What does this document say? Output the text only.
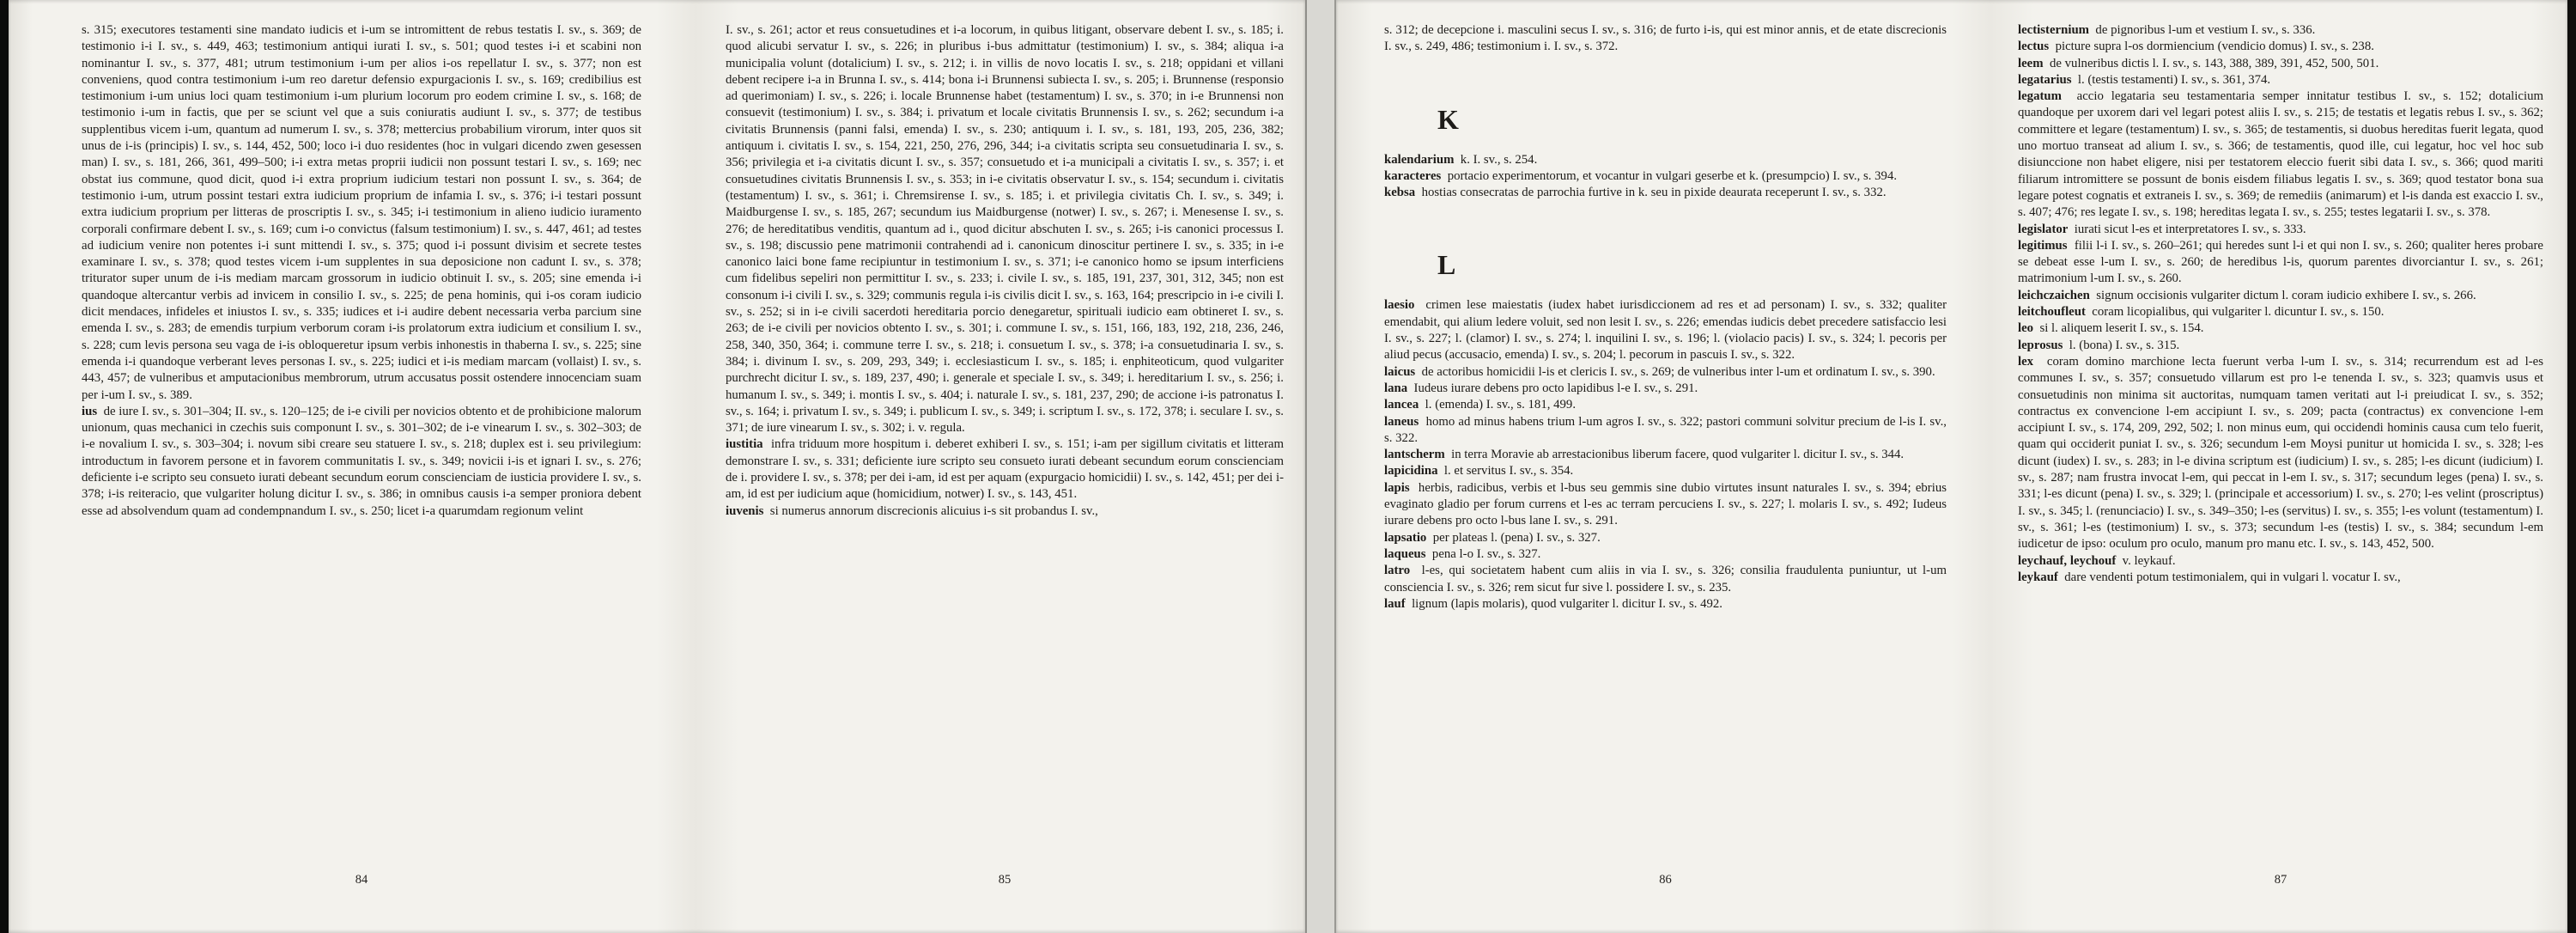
s. 315; executores testamenti sine mandato iudicis et i-um se intromittent de rebus testatis I. sv., s. 369; de testimonio i-i I. sv., s. 449, 463; testimonium antiqui iurati I. sv., s. 501; quod testes i-i et scabini non nominantur I. sv., s. 377, 481; utrum testimonium i-um per alios i-os repellatur I. sv., s. 377; non est conveniens, quod contra testimonium i-um reo daretur defensio expurgacionis I. sv., s. 169; credibilius est testimonium i-um unius loci quam testimonium i-um plurium locorum pro eodem crimine I. sv., s. 168; de testimonio i-um in factis, que per se sciunt vel que a suis coniuratis audiunt I. sv., s. 377; de testibus supplentibus vicem i-um, quantum ad numerum I. sv., s. 378; mettercius probabilium virorum, inter quos sit unus de i-is (principis) I. sv., s. 144, 452, 500; loco i-i duo residentes (hoc in vulgari dicendo zwen gesessen man) I. sv., s. 181, 266, 361, 499–500; i-i extra metas proprii iudicii non possunt testari I. sv., s. 169; nec obstat ius commune, quod dicit, quod i-i extra proprium iudicium testari non possunt I. sv., s. 364; de testimonio i-um, utrum possint testari extra iudicium proprium de infamia I. sv., s. 376; i-i testari possunt extra iudicium proprium per litteras de proscriptis I. sv., s. 345; i-i testimonium in alieno iudicio iuramento corporali confirmare debent I. sv., s. 169; cum i-o convictus (falsum testimonium) I. sv., s. 447, 461; ad testes ad iudicium venire non potentes i-i sunt mittendi I. sv., s. 375; quod i-i possunt divisim et secrete testes examinare I. sv., s. 378; quod testes vicem i-um supplentes in sua deposicione non cadunt I. sv., s. 378; triturator super unum de i-is mediam marcam grossorum in iudicio obtinuit I. sv., s. 205; sine emenda i-i quandoque altercantur verbis ad invicem in consilio I. sv., s. 225; de pena hominis, qui i-os coram iudicio dicit mendaces, infideles et iniustos I. sv., s. 335; iudices et i-i audire debent necessaria verba parcium sine emenda I. sv., s. 283; de emendis turpium verborum coram i-is prolatorum extra iudicium et consilium I. sv., s. 228; cum levis persona seu vaga de i-is obloqueretur ipsum verbis inhonestis in thaberna I. sv., s. 225; sine emenda i-i quandoque verberant leves personas I. sv., s. 225; iudici et i-is mediam marcam (vollaist) I. sv., s. 443, 457; de vulneribus et amputacionibus membrorum, utrum accusatus possit ostendere innocenciam suam per i-um I. sv., s. 389.

ius  de iure I. sv., s. 301–304; II. sv., s. 120–125; de i-e civili per novicios obtento et de prohibicione malorum unionum, quas mechanici in czechis suis componunt I. sv., s. 301–302; de i-e vinearum I. sv., s. 302–303; de i-e novalium I. sv., s. 303–304; i. novum sibi creare seu statuere I. sv., s. 218; duplex est i. seu privilegium: introductum in favorem persone et in favorem communitatis I. sv., s. 349; novicii i-is et ignari I. sv., s. 276; deficiente i-e scripto seu consueto iurati debeant secundum eorum conscienciam de iusticia providere I. sv., s. 378; i-is reiteracio, que vulgariter holung dicitur I. sv., s. 386; in omnibus causis i-a semper proniora debent esse ad absolvendum quam ad condempnandum I. sv., s. 250; licet i-a quarumdam regionum velint

I. sv., s. 261; actor et reus consuetudines et i-a locorum, in quibus litigant, observare debent I. sv., s. 185; i. quod alicubi servatur I. sv., s. 226; in pluribus i-bus admittatur (testimonium) I. sv., s. 384; aliqua i-a municipalia volunt (dotalicium) I. sv., s. 212; i. in villis de novo locatis I. sv., s. 218; oppidani et villani debent recipere i-a in Brunna I. sv., s. 414; bona i-i Brunnensi subiecta I. sv., s. 205; i. Brunnense (responsio ad querimoniam) I. sv., s. 226; i. locale Brunnense habet (testamentum) I. sv., s. 370; in i-e Brunnensi non consuevit (testimonium) I. sv., s. 384; i. privatum et locale civitatis Brunnensis I. sv., s. 262; secundum i-a civitatis Brunnensis (panni falsi, emenda) I. sv., s. 230; antiquum i. I. sv., s. 181, 193, 205, 236, 382; antiquum i. civitatis I. sv., s. 154, 221, 250, 276, 296, 344; i-a civitatis scripta seu consuetudinaria I. sv., s. 356; privilegia et i-a civitatis dicunt I. sv., s. 357; consuetudo et i-a municipali a civitatis I. sv., s. 357; i. et consuetudines civitatis Brunnensis I. sv., s. 353; in i-e civitatis observatur I. sv., s. 154; secundum i. civitatis (testamentum) I. sv., s. 361; i. Chremsirense I. sv., s. 185; i. et privilegia civitatis Ch. I. sv., s. 349; i. Maidburgense I. sv., s. 185, 267; secundum ius Maidburgense (notwer) I. sv., s. 267; i. Menesense I. sv., s. 276; de hereditatibus venditis, quantum ad i., quod dicitur abschuten I. sv., s. 265; i-is canonici processus I. sv., s. 198; discussio pene matrimonii contrahendi ad i. canonicum dinoscitur pertinere I. sv., s. 335; in i-e canonico laici bone fame recipiuntur in testimonium I. sv., s. 371; i-e canonico homo se ipsum interficiens cum fidelibus sepeliri non permittitur I. sv., s. 233; i. civile I. sv., s. 185, 191, 237, 301, 312, 345; non est consonum i-i civili I. sv., s. 329; communis regula i-is civilis dicit I. sv., s. 163, 164; prescripcio in i-e civili I. sv., s. 252; si in i-e civili sacerdoti hereditaria porcio denegaretur, spirituali iudicio eam obtineret I. sv., s. 263; de i-e civili per novicios obtento I. sv., s. 301; i. commune I. sv., s. 151, 166, 183, 192, 218, 236, 246, 258, 340, 350, 364; i. commune terre I. sv., s. 218; i. consuetum I. sv., s. 378; i-a consuetudinaria I. sv., s. 384; i. divinum I. sv., s. 209, 293, 349; i. ecclesiasticum I. sv., s. 185; i. enphiteoticum, quod vulgariter purchrecht dicitur I. sv., s. 189, 237, 490; i. generale et speciale I. sv., s. 349; i. hereditarium I. sv., s. 256; i. humanum I. sv., s. 349; i. montis I. sv., s. 404; i. naturale I. sv., s. 181, 237, 290; de accione i-is patronatus I. sv., s. 164; i. privatum I. sv., s. 349; i. publicum I. sv., s. 349; i. scriptum I. sv., s. 172, 378; i. seculare I. sv., s. 371; de iure vinearum I. sv., s. 302; i. v. regula.

iustitia  infra triduum more hospitum i. deberet exhiberi I. sv., s. 151; i-am per sigillum civitatis et litteram demonstrare I. sv., s. 331; deficiente iure scripto seu consueto iurati debeant secundum eorum conscienciam de i. providere I. sv., s. 378; per dei i-am, id est per aquam (expurgacio homicidii) I. sv., s. 142, 451; per dei i-am, id est per iudicium aque (homicidium, notwer) I. sv., s. 143, 451.

iuvenis  si numerus annorum discrecionis alicuius i-s sit probandus I. sv.,

s. 312; de decepcione i. masculini secus I. sv., s. 316; de furto i-is, qui est minor annis, et de etate discrecionis I. sv., s. 249, 486; testimonium i. I. sv., s. 372.

K

kalendarium  k. I. sv., s. 254.

karacteres  portacio experimentorum, et vocantur in vulgari geserbe et k. (presumpcio) I. sv., s. 394.

kebsa  hostias consecratas de parrochia furtive in k. seu in pixide deaurata receperunt I. sv., s. 332.

L

laesio  crimen lese maiestatis (iudex habet iurisdiccionem ad res et ad personam) I. sv., s. 332; qualiter emendabit, qui alium ledere voluit, sed non lesit I. sv., s. 226; emendas iudicis debet precedere satisfaccio lesi I. sv., s. 227; l. (clamor) I. sv., s. 274; l. inquilini I. sv., s. 196; l. (violacio pacis) I. sv., s. 324; l. pecoris per aliud pecus (accusacio, emenda) I. sv., s. 204; l. pecorum in pascuis I. sv., s. 322.

laicus  de actoribus homicidii l-is et clericis I. sv., s. 269; de vulneribus inter l-um et ordinatum I. sv., s. 390.

lana  Iudeus iurare debens pro octo lapidibus l-e I. sv., s. 291.

lancea  l. (emenda) I. sv., s. 181, 499.

laneus  homo ad minus habens trium l-um agros I. sv., s. 322; pastori communi solvitur precium de l-is I. sv., s. 322.

lantscherm  in terra Moravie ab arrestacionibus liberum facere, quod vulgariter l. dicitur I. sv., s. 344.

lapicidina  l. et servitus I. sv., s. 354.

lapis  herbis, radicibus, verbis et l-bus seu gemmis sine dubio virtutes insunt naturales I. sv., s. 394; ebrius evaginato gladio per forum currens et l-es ac terram percuciens I. sv., s. 227; l. molaris I. sv., s. 492; Iudeus iurare debens pro octo l-bus lane I. sv., s. 291.

lapsatio  per plateas l. (pena) I. sv., s. 327.

laqueus  pena l-o I. sv., s. 327.

latro  l-es, qui societatem habent cum aliis in via I. sv., s. 326; consilia fraudulenta puniuntur, ut l-um consciencia I. sv., s. 326; rem sicut fur sive l. possidere I. sv., s. 235.

lauf  lignum (lapis molaris), quod vulgariter l. dicitur I. sv., s. 492.

lectisternium  de pignoribus l-um et vestium I. sv., s. 336.

lectus  picture supra l-os dormiencium (vendicio domus) I. sv., s. 238.

leem  de vulneribus dictis l. I. sv., s. 143, 388, 389, 391, 452, 500, 501.

legatarius  l. (testis testamenti) I. sv., s. 361, 374.

legatum  accio legataria seu testamentaria semper innitatur testibus I. sv., s. 152; dotalicium quandoque per uxorem dari vel legari potest aliis I. sv., s. 215; de testatis et legatis rebus I. sv., s. 362; committere et legare (testamentum) I. sv., s. 365; de testamentis, si duobus hereditas fuerit legata, quod uno mortuo transeat ad alium I. sv., s. 366; de testamentis, quod ille, cui legatur, hoc vel hoc sub disiunccione non habet eligere, nisi per testatorem eleccio fuerit sibi data I. sv., s. 366; quod mariti filiarum intromittere se possunt de bonis eisdem filiabus legatis I. sv., s. 369; quod testator bona sua legare potest cognatis et extraneis I. sv., s. 369; de remediis (animarum) et l-is danda est exaccio I. sv., s. 407; 476; res legate I. sv., s. 198; hereditas legata I. sv., s. 255; testes legatarii I. sv., s. 378.

legislator  iurati sicut l-es et interpretatores I. sv., s. 333.

legitimus  filii l-i I. sv., s. 260–261; qui heredes sunt l-i et qui non I. sv., s. 260; qualiter heres probare se debeat esse l-um I. sv., s. 260; de heredibus l-is, quorum parentes divorciantur I. sv., s. 261; matrimonium l-um I. sv., s. 260.

leichczaichen  signum occisionis vulgariter dictum l. coram iudicio exhibere I. sv., s. 266.

leitchoufleut  coram licopialibus, qui vulgariter l. dicuntur I. sv., s. 150.

leo  si l. aliquem leserit I. sv., s. 154.

leprosus  l. (bona) I. sv., s. 315.

lex  coram domino marchione lecta fuerunt verba l-um I. sv., s. 314; recurrendum est ad l-es communes I. sv., s. 357; consuetudo villarum est pro l-e tenenda I. sv., s. 323; quamvis usus et consuetudinis non minima sit auctoritas, numquam tamen veritati aut l-i preiudicat I. sv., s. 352; contractus ex convencione l-em accipiunt I. sv., s. 209; pacta (contractus) ex convencione l-em accipiunt I. sv., s. 174, 209, 292, 502; l. non minus eum, qui occidendi hominis causa cum telo fuerit, quam qui occiderit puniat I. sv., s. 326; secundum l-em Moysi punitur ut homicida I. sv., s. 328; l-es dicunt (iudex) I. sv., s. 283; in l-e divina scriptum est (iudicium) I. sv., s. 285; l-es dicunt (iudicium) I. sv., s. 287; nam frustra invocat l-em, qui peccat in l-em I. sv., s. 317; secundum leges (pena) I. sv., s. 331; l-es dicunt (pena) I. sv., s. 329; l. (principale et accessorium) I. sv., s. 270; l-es velint (proscriptus) I. sv., s. 345; l. (renunciacio) I. sv., s. 349–350; l-es (servitus) I. sv., s. 355; l-es volunt (testamentum) I. sv., s. 361; l-es (testimonium) I. sv., s. 373; secundum l-es (testis) I. sv., s. 384; secundum l-em iudicetur de ipso: oculum pro oculo, manum pro manu etc. I. sv., s. 143, 452, 500.

leychauf, leychouf  v. leykauf.

leykauf  dare vendenti potum testimonialem, qui in vulgari l. vocatur I. sv.,

84	85	86	87
